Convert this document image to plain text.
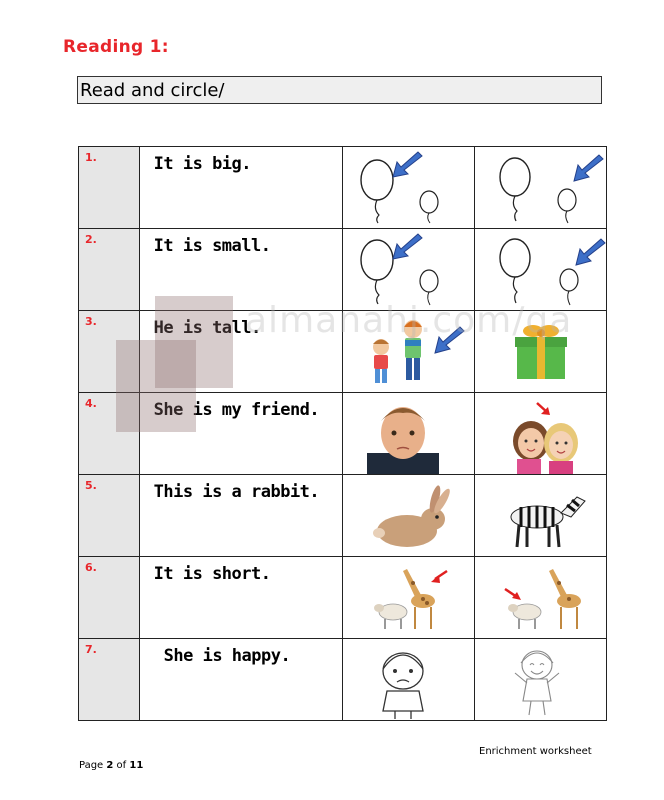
Reading 1:
Read and circle/
1.	It is big.

2.	It is small.

3.	He is tall.

4.	She is my friend.

5.	This is a rabbit.

6.	It is short.

7.	She is happy.

almanahj.com/qa
Enrichment worksheet
Page 2 of 11
